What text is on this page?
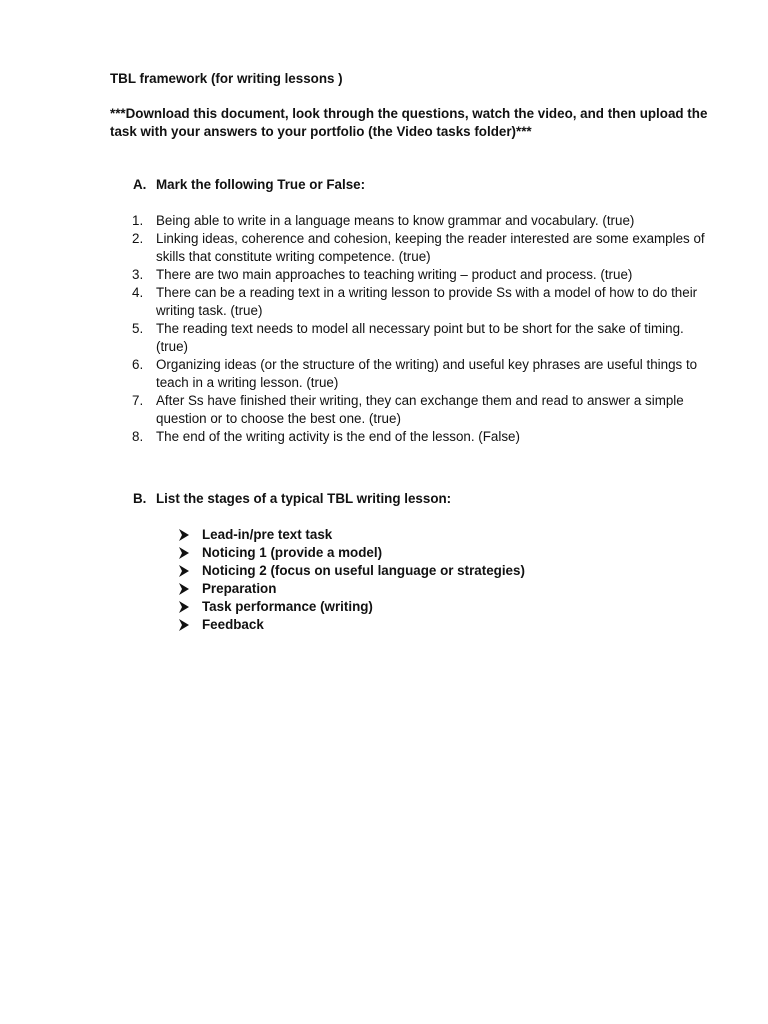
TBL framework (for writing lessons )
***Download this document, look through the questions, watch the video, and then upload the task with your answers to your portfolio (the Video tasks folder)***
A. Mark the following True or False:
1. Being able to write in a language means to know grammar and vocabulary. (true)
2. Linking ideas, coherence and cohesion, keeping the reader interested are some examples of skills that constitute writing competence. (true)
3. There are two main approaches to teaching writing – product and process. (true)
4. There can be a reading text in a writing lesson to provide Ss with a model of how to do their writing task. (true)
5. The reading text needs to model all necessary point but to be short for the sake of timing. (true)
6. Organizing ideas (or the structure of the writing) and useful key phrases are useful things to teach in a writing lesson. (true)
7. After Ss have finished their writing, they can exchange them and read to answer a simple question or to choose the best one. (true)
8. The end of the writing activity is the end of the lesson. (False)
B. List the stages of a typical TBL writing lesson:
Lead-in/pre text task
Noticing 1 (provide a model)
Noticing 2 (focus on useful language or strategies)
Preparation
Task performance (writing)
Feedback
